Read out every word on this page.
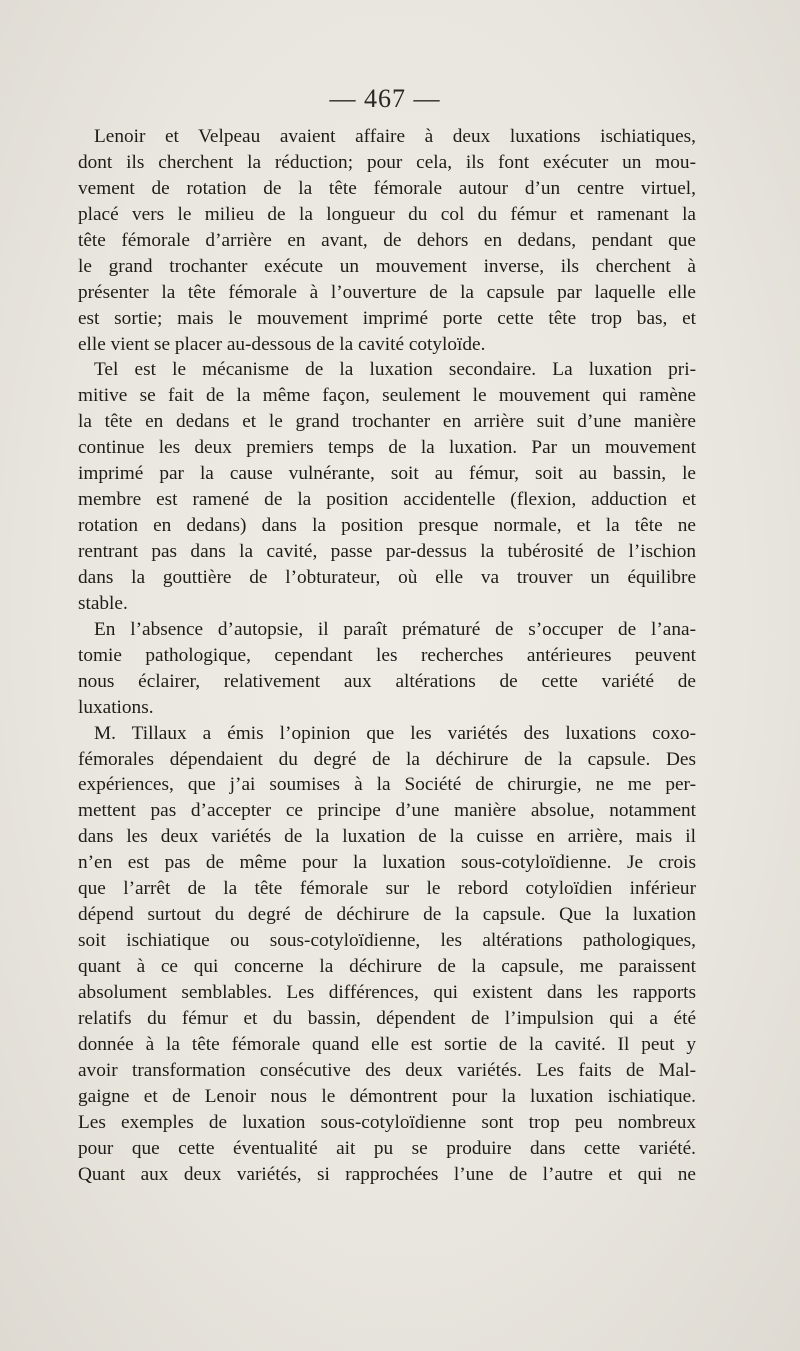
— 467 —
Lenoir et Velpeau avaient affaire à deux luxations ischiatiques,
dont ils cherchent la réduction; pour cela, ils font exécuter un mou-
vement de rotation de la tête fémorale autour d’un centre virtuel,
placé vers le milieu de la longueur du col du fémur et ramenant la
tête fémorale d’arrière en avant, de dehors en dedans, pendant que
le grand trochanter exécute un mouvement inverse, ils cherchent à
présenter la tête fémorale à l’ouverture de la capsule par laquelle elle
est sortie; mais le mouvement imprimé porte cette tête trop bas, et
elle vient se placer au-dessous de la cavité cotyloïde.
Tel est le mécanisme de la luxation secondaire. La luxation pri-
mitive se fait de la même façon, seulement le mouvement qui ramène
la tête en dedans et le grand trochanter en arrière suit d’une manière
continue les deux premiers temps de la luxation. Par un mouvement
imprimé par la cause vulnérante, soit au fémur, soit au bassin, le
membre est ramené de la position accidentelle (flexion, adduction et
rotation en dedans) dans la position presque normale, et la tête ne
rentrant pas dans la cavité, passe par-dessus la tubérosité de l’ischion
dans la gouttière de l’obturateur, où elle va trouver un équilibre
stable.
En l’absence d’autopsie, il paraît prématuré de s’occuper de l’ana-
tomie pathologique, cependant les recherches antérieures peuvent
nous éclairer, relativement aux altérations de cette variété de
luxations.
M. Tillaux a émis l’opinion que les variétés des luxations coxo-
fémorales dépendaient du degré de la déchirure de la capsule. Des
expériences, que j’ai soumises à la Société de chirurgie, ne me per-
mettent pas d’accepter ce principe d’une manière absolue, notamment
dans les deux variétés de la luxation de la cuisse en arrière, mais il
n’en est pas de même pour la luxation sous-cotyloïdienne. Je crois
que l’arrêt de la tête fémorale sur le rebord cotyloïdien inférieur
dépend surtout du degré de déchirure de la capsule. Que la luxation
soit ischiatique ou sous-cotyloïdienne, les altérations pathologiques,
quant à ce qui concerne la déchirure de la capsule, me paraissent
absolument semblables. Les différences, qui existent dans les rapports
relatifs du fémur et du bassin, dépendent de l’impulsion qui a été
donnée à la tête fémorale quand elle est sortie de la cavité. Il peut y
avoir transformation consécutive des deux variétés. Les faits de Mal-
gaigne et de Lenoir nous le démontrent pour la luxation ischiatique.
Les exemples de luxation sous-cotyloïdienne sont trop peu nombreux
pour que cette éventualité ait pu se produire dans cette variété.
Quant aux deux variétés, si rapprochées l’une de l’autre et qui ne
